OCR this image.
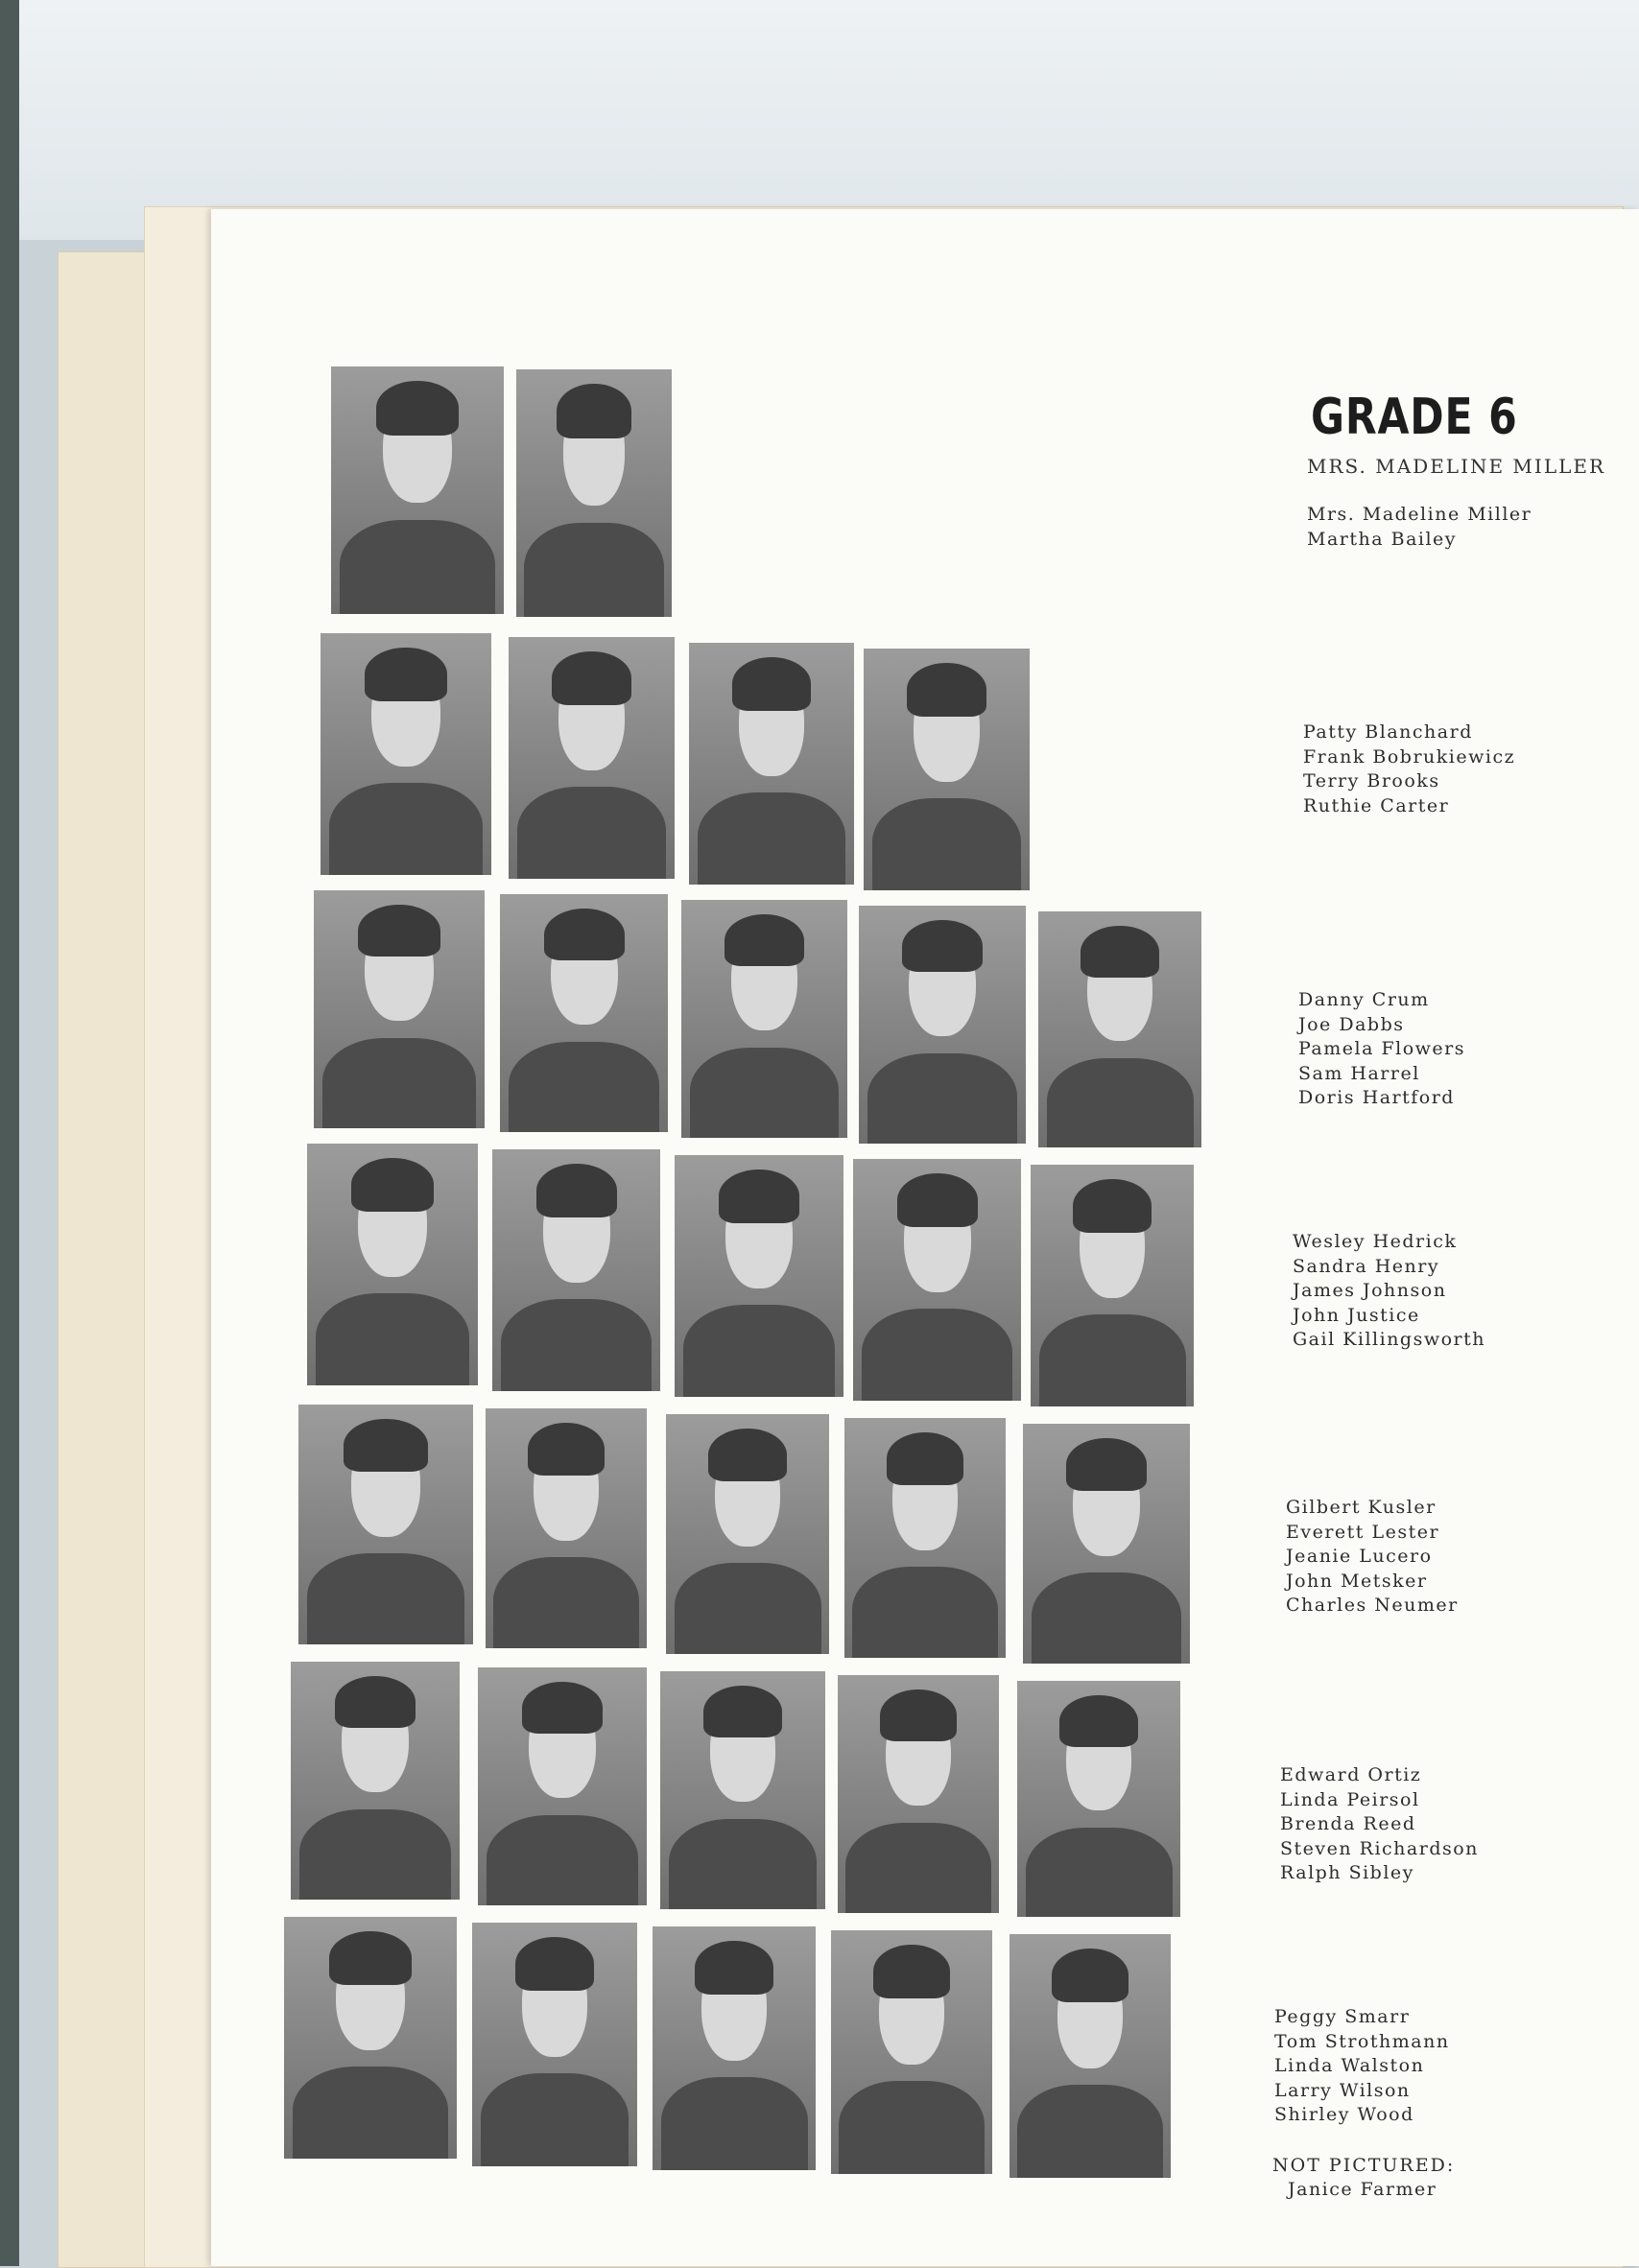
Mrs. Madeline Miller
Martha Bailey
Patty Blanchard
Frank Bobrukiewicz
Terry Brooks
Ruthie Carter
Danny Crum
Joe Dabbs
Pamela Flowers
Sam Harrel
Doris Hartford
Wesley Hedrick
Sandra Henry
James Johnson
John Justice
Gail Killingsworth
Gilbert Kusler
Everett Lester
Jeanie Lucero
John Metsker
Charles Neumer
Edward Ortiz
Linda Peirsol
Brenda Reed
Steven Richardson
Ralph Sibley
Peggy Smarr
Tom Strothmann
Linda Walston
Larry Wilson
Shirley Wood
GRADE 6
MRS. MADELINE MILLER
NOT PICTURED:
Janice Farmer
